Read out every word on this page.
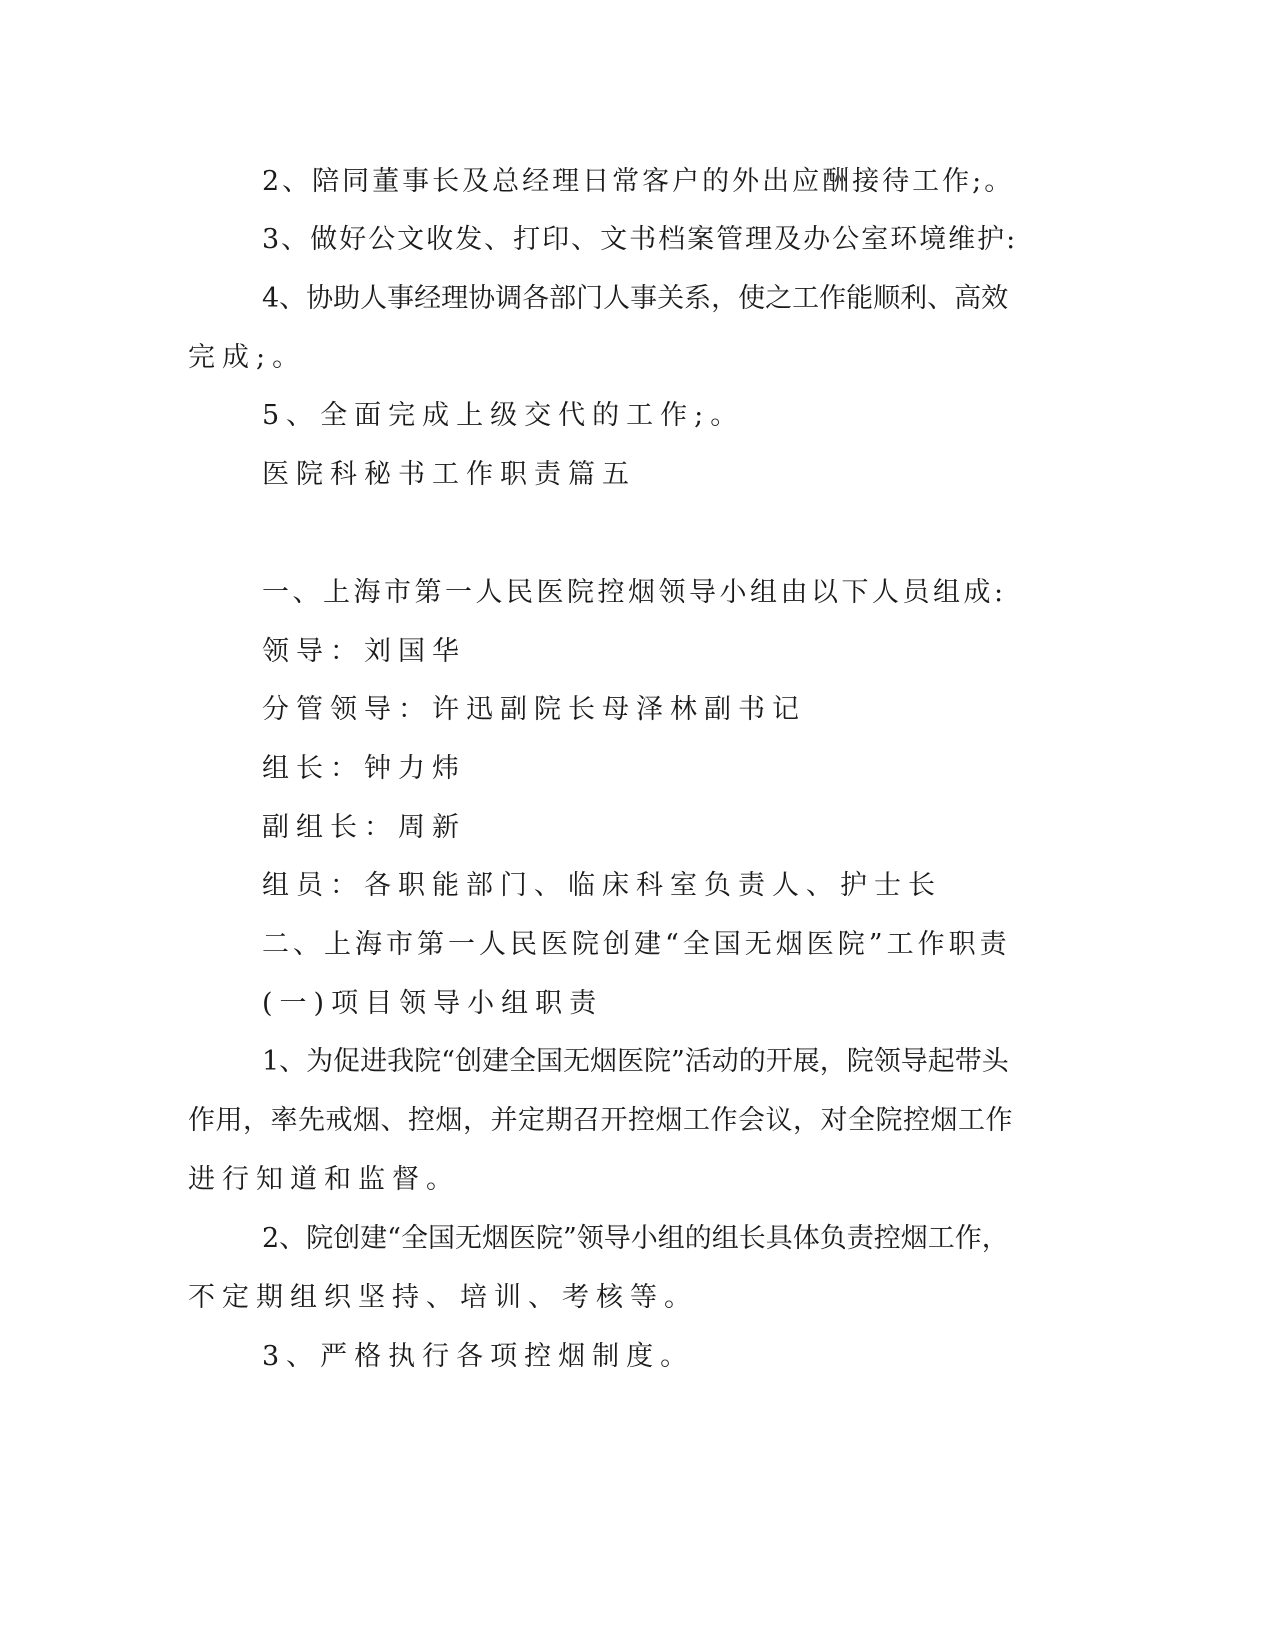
2、陪同董事长及总经理日常客户的外出应酬接待工作;。
3、做好公文收发、打印、文书档案管理及办公室环境维护:
4、协助人事经理协调各部门人事关系，使之工作能顺利、高效
完成;。
5、全面完成上级交代的工作;。
医院科秘书工作职责篇五
一、上海市第一人民医院控烟领导小组由以下人员组成:
领导：刘国华
分管领导：许迅副院长母泽林副书记
组长：钟力炜
副组长：周新
组员：各职能部门、临床科室负责人、护士长
二、上海市第一人民医院创建“全国无烟医院”工作职责
(一)项目领导小组职责
1、为促进我院“创建全国无烟医院”活动的开展，院领导起带头
作用，率先戒烟、控烟，并定期召开控烟工作会议，对全院控烟工作
进行知道和监督。
2、院创建“全国无烟医院”领导小组的组长具体负责控烟工作，
不定期组织坚持、培训、考核等。
3、严格执行各项控烟制度。
